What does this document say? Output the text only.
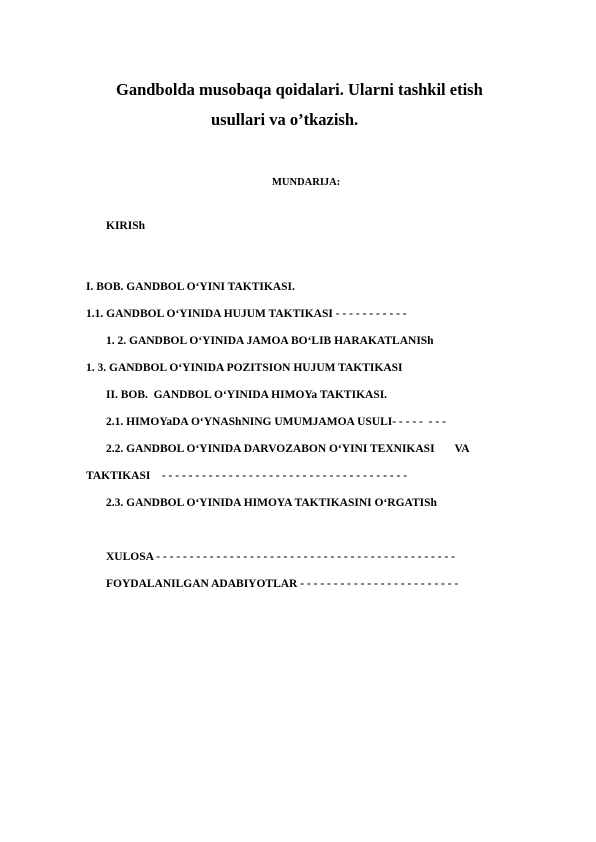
Gandbolda musobaqa qoidalari. Ularni tashkil etish
usullari va o’tkazish.
MUNDARIJA:
KIRISh
I. BOB. GANDBOL O‘YINI TAKTIKASI.
1.1. GANDBOL O‘YINIDA HUJUM TAKTIKASI - - - - - - - - - - -
1. 2. GANDBOL O‘YINIDA JAMOA BO‘LIB HARAKATLANISh
1. 3. GANDBOL O‘YINIDA POZITSION HUJUM TAKTIKASI
II. BOB.  GANDBOL O‘YINIDA HIMOYa TAKTIKASI.
2.1. HIMOYaDA O‘YNAShNING UMUMJAMOA USULI- - - - -  - - -
2.2. GANDBOL O‘YINIDA DARVOZABON O‘YINI TEXNIKASI       VA
TAKTIKASI    - - - - - - - - - - - - - - - - - - - - - - - - - - - - - - - - - - - - -
2.3. GANDBOL O‘YINIDA HIMOYA TAKTIKASINI O‘RGATISh
XULOSA - - - - - - - - - - - - - - - - - - - - - - - - - - - - - - - - - - - - - - - - - - - - -
FOYDALANILGAN ADABIYOTLAR - - - - - - - - - - - - - - - - - - - - - - - -
